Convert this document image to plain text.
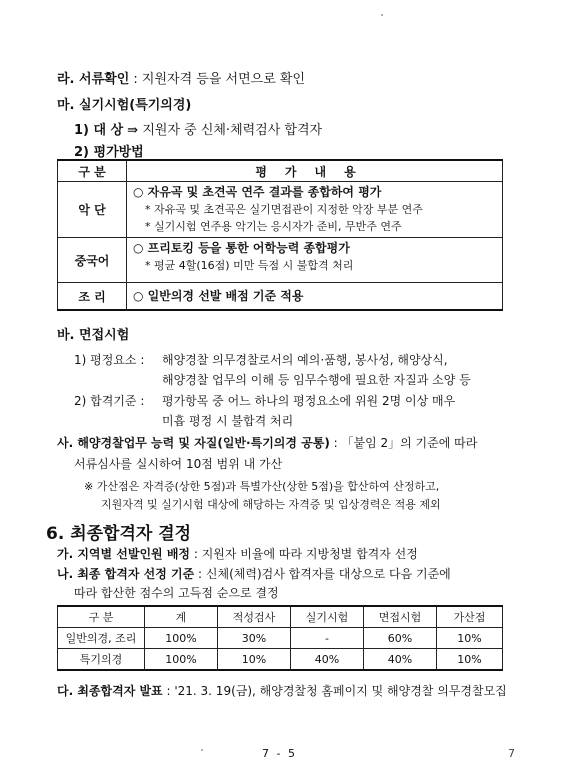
라. 서류확인 : 지원자격 등을 서면으로 확인
마. 실기시험(특기의경)
1) 대 상 ⇛ 지원자 중 신체·체력검사 합격자
2) 평가방법
구 분	평가내용
악 단	○ 자유곡 및 초견곡 연주 결과를 종합하여 평가
* 자유곡 및 초견곡은 실기면접관이 지정한 악장 부분 연주
* 실기시험 연주용 악기는 응시자가 준비, 무반주 연주

중국어	○ 프리토킹 등을 통한 어학능력 종합평가
* 평균 4할(16점) 미만 득점 시 불합격 처리

조 리	○ 일반의경 선발 배점 기준 적용
바. 면접시험
1) 평정요소 : 해양경찰 의무경찰로서의 예의·품행, 봉사성, 해양상식,
해양경찰 업무의 이해 등 임무수행에 필요한 자질과 소양 등
2) 합격기준 : 평가항목 중 어느 하나의 평정요소에 위원 2명 이상 매우
미흡 평정 시 불합격 처리
사. 해양경찰업무 능력 및 자질(일반·특기의경 공통) : 「붙임 2」의 기준에 따라
서류심사를 실시하여 10점 범위 내 가산
※ 가산점은 자격증(상한 5점)과 특별가산(상한 5점)을 합산하여 산정하고,
지원자격 및 실기시험 대상에 해당하는 자격증 및 입상경력은 적용 제외
6. 최종합격자 결정
가. 지역별 선발인원 배정 : 지원자 비율에 따라 지방청별 합격자 선정
나. 최종 합격자 선정 기준 : 신체(체력)검사 합격자를 대상으로 다음 기준에
따라 합산한 점수의 고득점 순으로 결정
구 분	계	적성검사	실기시험	면접시험	가산점
일반의경, 조리	100%	30%	-	60%	10%
특기의경	100%	10%	40%	40%	10%
다. 최종합격자 발표 : '21. 3. 19(금), 해양경찰청 홈페이지 및 해양경찰 의무경찰모집
7 - 5	7
